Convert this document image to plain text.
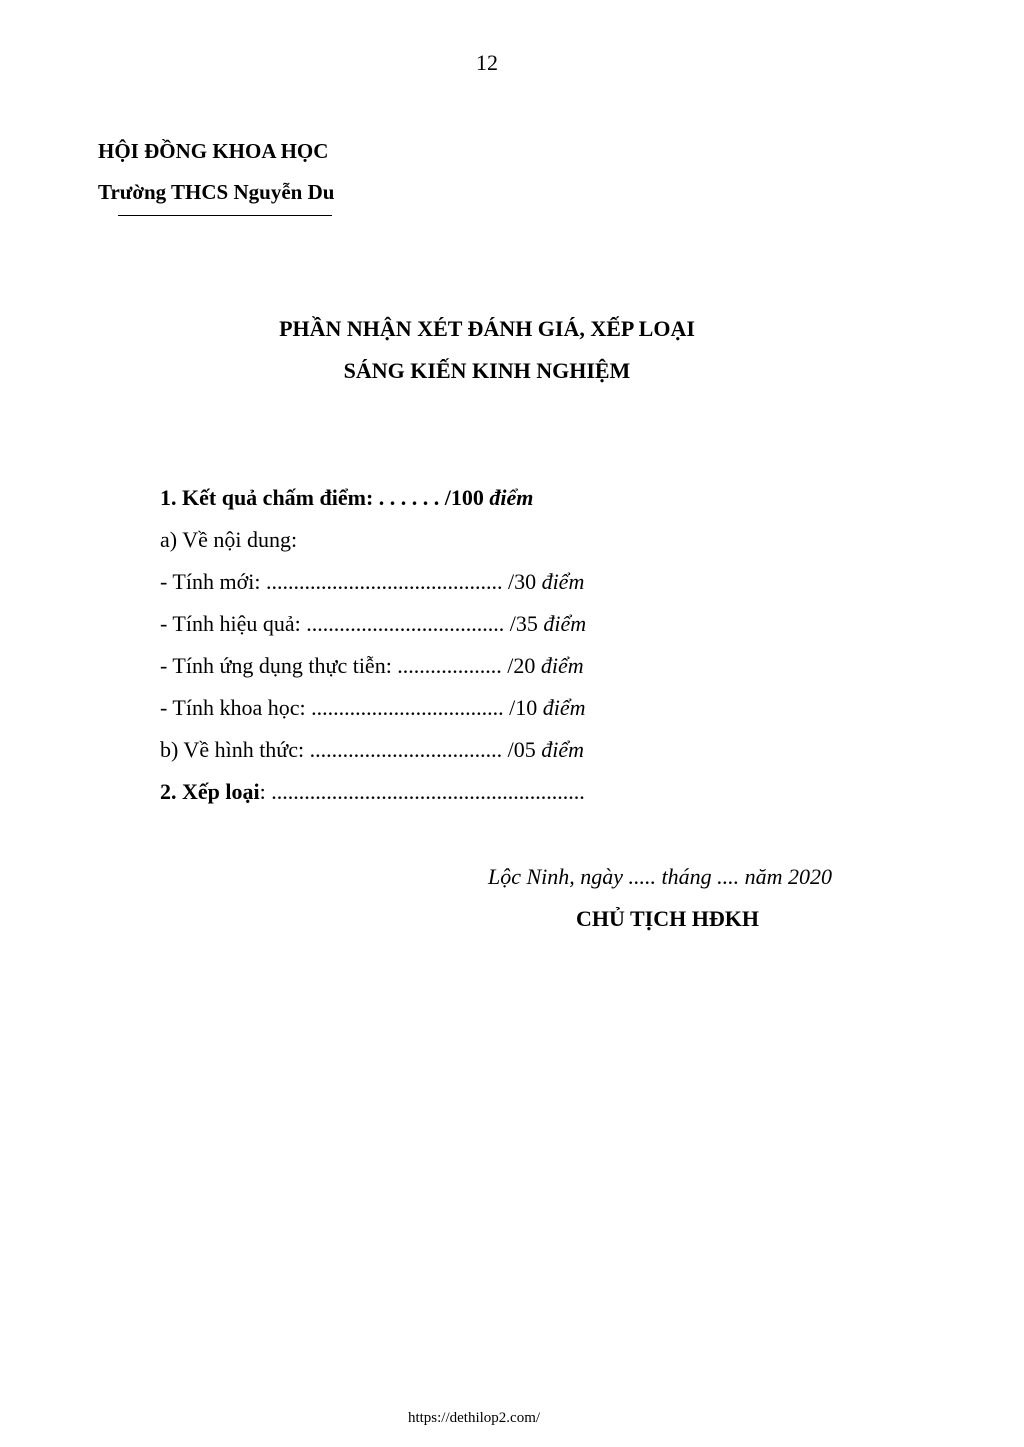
12
HỘI ĐỒNG KHOA HỌC
Trường THCS Nguyễn Du
PHẦN NHẬN XÉT ĐÁNH GIÁ, XẾP LOẠI
SÁNG KIẾN KINH NGHIỆM
1. Kết quả chấm điểm: . . . . . . /100 điểm
a) Về nội dung:
- Tính mới: ........................................... /30 điểm
- Tính hiệu quả: .................................... /35 điểm
- Tính ứng dụng thực tiễn: ................... /20 điểm
- Tính khoa học: ................................... /10 điểm
b) Về hình thức: ................................... /05 điểm
2. Xếp loại: .........................................................
Lộc Ninh, ngày ..... tháng .... năm 2020
CHỦ TỊCH HĐKH
https://dethilop2.com/
